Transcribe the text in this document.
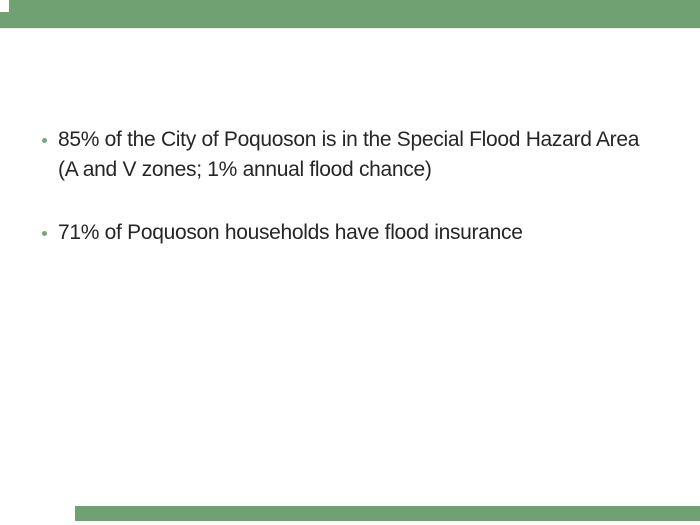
85% of the City of Poquoson is in the Special Flood Hazard Area
(A and V zones; 1% annual flood chance)
71% of Poquoson households have flood insurance
